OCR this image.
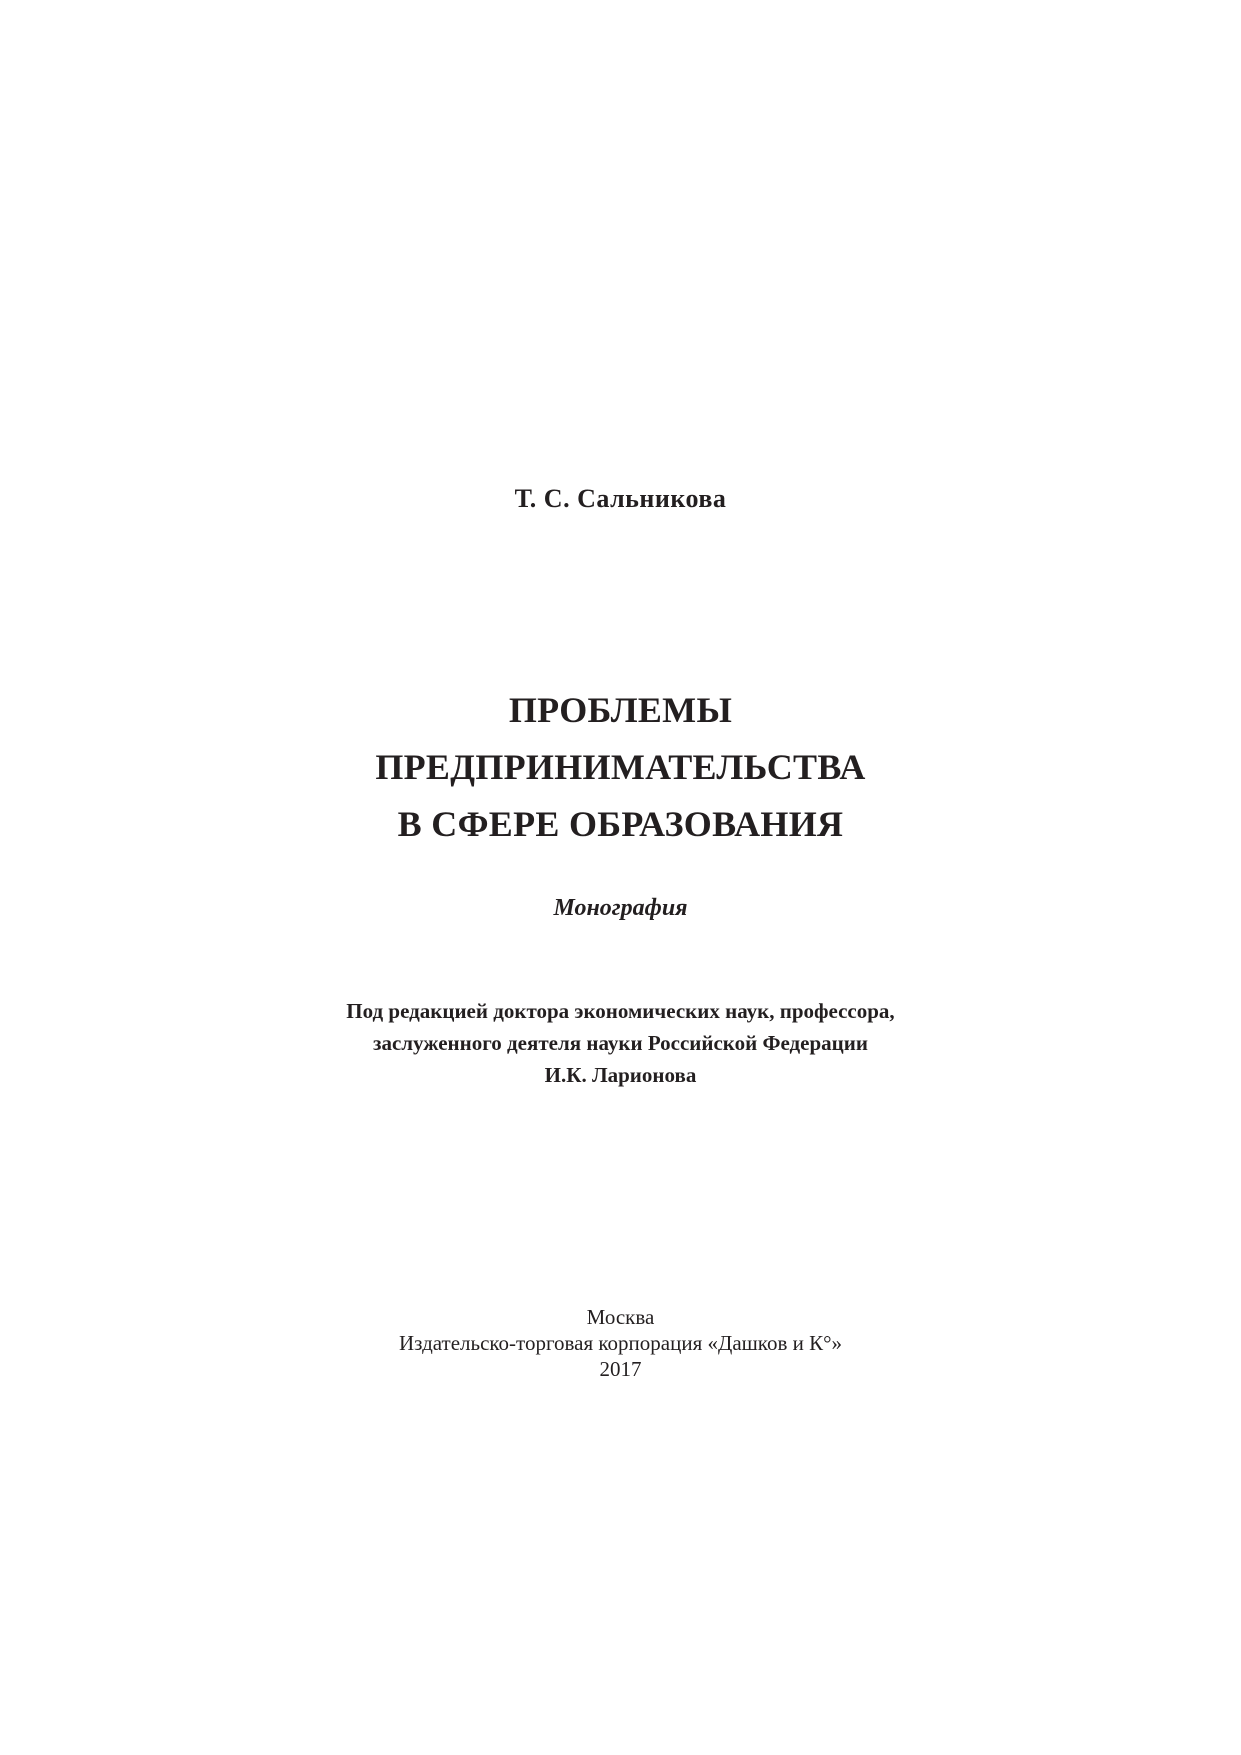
Т. С. Сальникова
ПРОБЛЕМЫ
ПРЕДПРИНИМАТЕЛЬСТВА
В СФЕРЕ ОБРАЗОВАНИЯ
Монография
Под редакцией доктора экономических наук, профессора,
заслуженного деятеля науки Российской Федерации
И.К. Ларионова
Москва
Издательско-торговая корпорация «Дашков и К°»
2017
